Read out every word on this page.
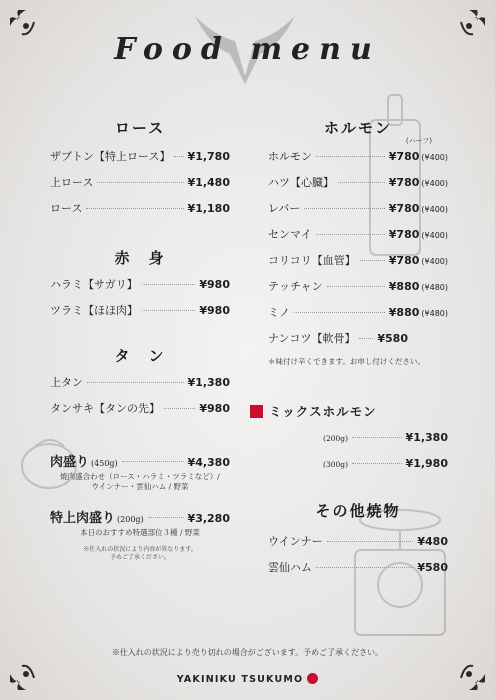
Food menu
ロース
ザブトン【特上ロース】 ¥1,780
上ロース	¥1,480
ロース	¥1,180
赤　身
ハラミ【サガリ】	¥980
ツラミ【ほほ肉】	¥980
タ　ン
上タン	¥1,380
タンサキ【タンの先】	¥980
肉盛り (450g)	¥4,380
焼肉盛合わせ（ロース・ハラミ・ツラミなど）/
ウインナー・雲仙ハム / 野菜
特上肉盛り (200g)	¥3,280
本日のおすすめ特選部位３種 / 野菜
※仕入れの状況により内容が異なります。
予めご了承ください。
ホルモン
(ハーフ)
ホルモン	¥780 (¥400)
ハツ【心臓】	¥780 (¥400)
レバー	¥780 (¥400)
センマイ	¥780 (¥400)
コリコリ【血管】	¥780 (¥400)
テッチャン	¥880 (¥480)
ミノ	¥880 (¥480)
ナンコツ【軟骨】 ¥580
＊味付け辛くできます。お申し付けください。
ミックスホルモン
(200g)	¥1,380
(300g)	¥1,980
その他焼物
ウインナー	¥480
雲仙ハム	¥580
※仕入れの状況により売り切れの場合がございます。予めご了承ください。
YAKINIKU TSUKUMO
